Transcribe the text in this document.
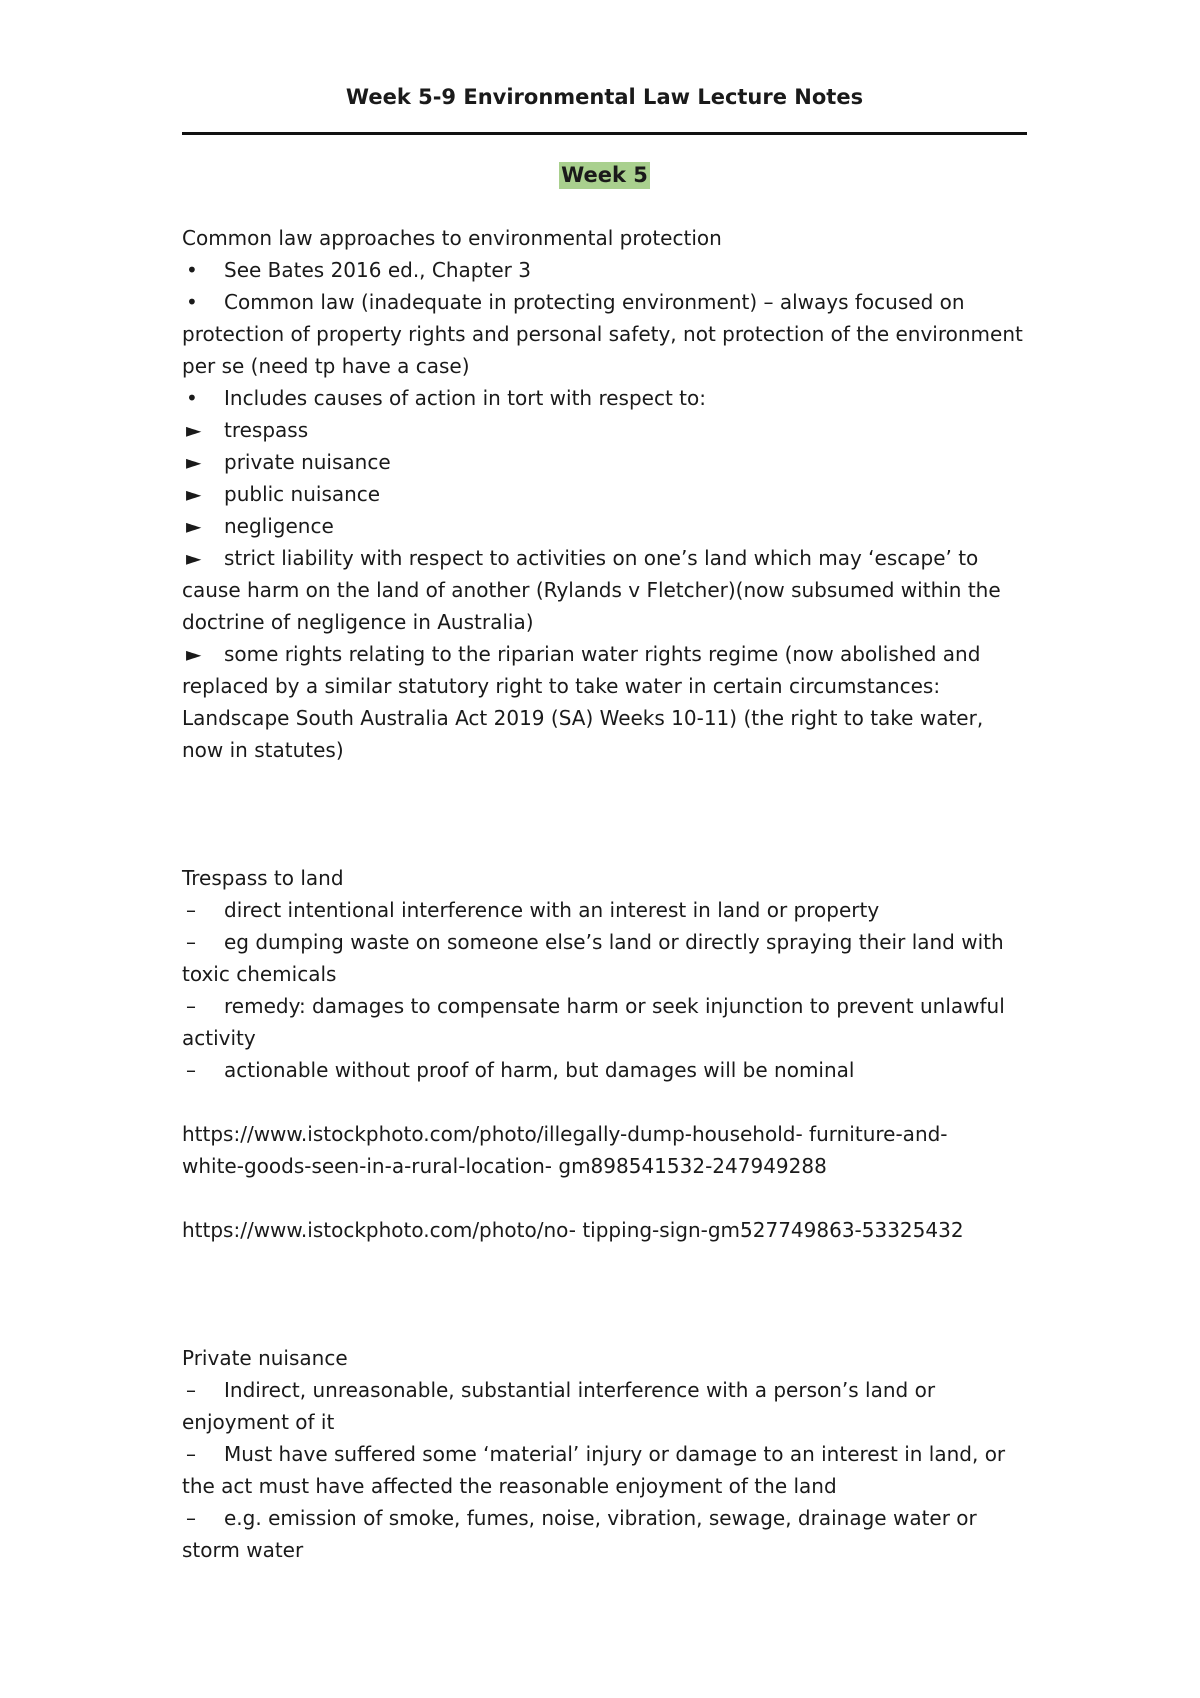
Week 5-9 Environmental Law Lecture Notes
Week 5

Common law approaches to environmental protection

• See Bates 2016 ed., Chapter 3

• Common law (inadequate in protecting environment) – always focused on protection of property rights and personal safety, not protection of the environment per se (need tp have a case)

• Includes causes of action in tort with respect to:

► trespass

► private nuisance

► public nuisance

► negligence

► strict liability with respect to activities on one’s land which may ‘escape’ to cause harm on the land of another (Rylands v Fletcher)(now subsumed within the doctrine of negligence in Australia)

► some rights relating to the riparian water rights regime (now abolished and replaced by a similar statutory right to take water in certain circumstances: Landscape South Australia Act 2019 (SA) Weeks 10-11) (the right to take water, now in statutes)

Trespass to land

– direct intentional interference with an interest in land or property

– eg dumping waste on someone else’s land or directly spraying their land with toxic chemicals

– remedy: damages to compensate harm or seek injunction to prevent unlawful activity

– actionable without proof of harm, but damages will be nominal

https://www.istockphoto.com/photo/illegally-dump-household- furniture-and-
white-goods-seen-in-a-rural-location- gm898541532-247949288
https://www.istockphoto.com/photo/no- tipping-sign-gm527749863-53325432

Private nuisance

– Indirect, unreasonable, substantial interference with a person’s land or enjoyment of it

– Must have suffered some ‘material’ injury or damage to an interest in land, or the act must have affected the reasonable enjoyment of the land

– e.g. emission of smoke, fumes, noise, vibration, sewage, drainage water or storm water
